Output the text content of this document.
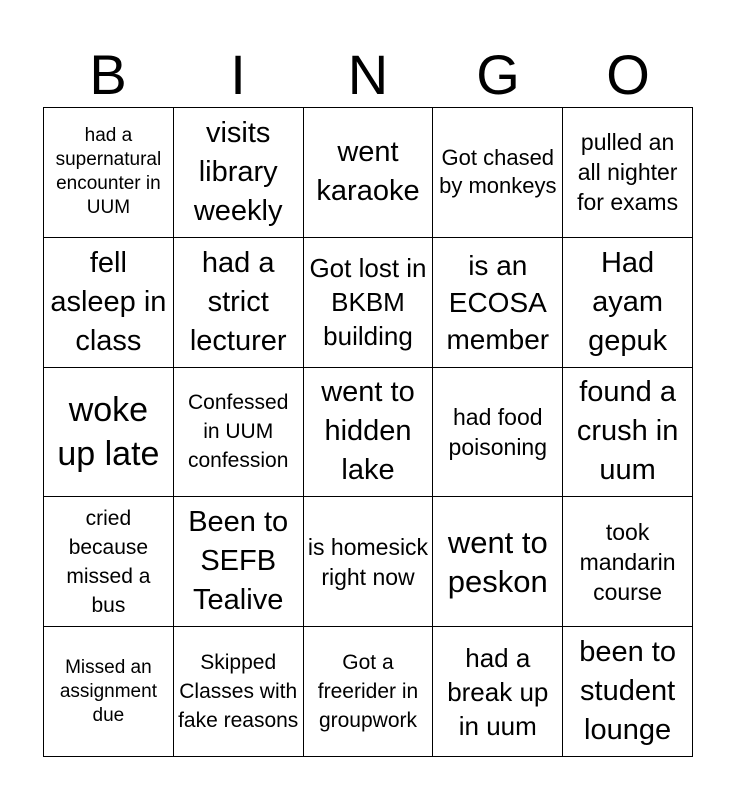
B	I	N	G	O
had a supernatural encounter in UUM
visits library weekly
went karaoke
Got chased by monkeys
pulled an all nighter for exams
fell asleep in class
had a strict lecturer
Got lost in BKBM building
is an ECOSA member
Had ayam gepuk
woke up late
Confessed in UUM confession
went to hidden lake
had food poisoning
found a crush in uum
cried because missed a bus
Been to SEFB Tealive
is homesick right now
went to peskon
took mandarin course
Missed an assignment due
Skipped Classes with fake reasons
Got a freerider in groupwork
had a break up in uum
been to student lounge
